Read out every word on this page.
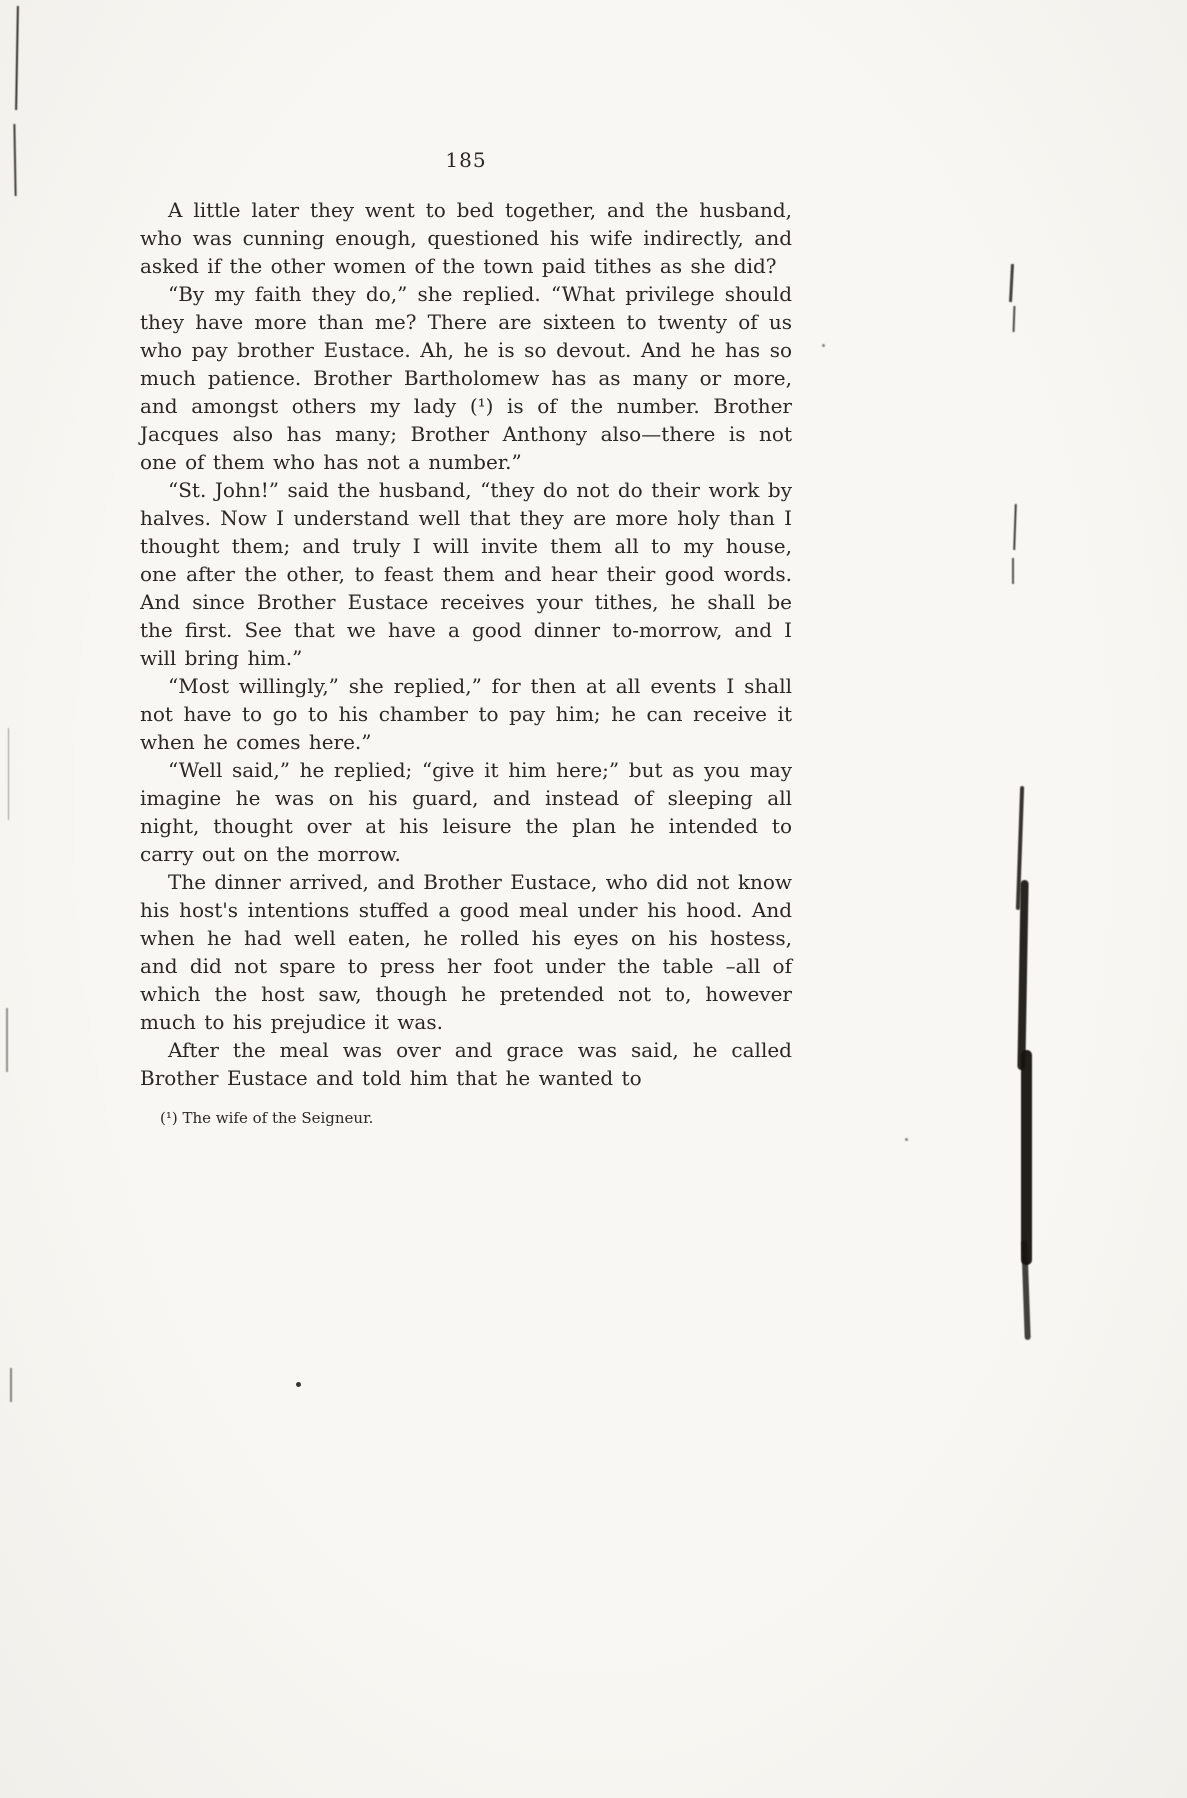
185

A little later they went to bed together, and the husband, who was cunning enough, questioned his wife indirectly, and asked if the other women of the town paid tithes as she did?

“By my faith they do,” she replied. “What privilege should they have more than me? There are sixteen to twenty of us who pay brother Eustace. Ah, he is so devout. And he has so much patience. Brother Bartholomew has as many or more, and amongst others my lady (¹) is of the number. Brother Jacques also has many; Brother Anthony also—there is not one of them who has not a number.”

“St. John!” said the husband, “they do not do their work by halves. Now I understand well that they are more holy than I thought them; and truly I will invite them all to my house, one after the other, to feast them and hear their good words. And since Brother Eustace receives your tithes, he shall be the first. See that we have a good dinner to-morrow, and I will bring him.”

“Most willingly,” she replied,” for then at all events I shall not have to go to his chamber to pay him; he can receive it when he comes here.”

“Well said,” he replied; “give it him here;” but as you may imagine he was on his guard, and instead of sleeping all night, thought over at his leisure the plan he intended to carry out on the morrow.

The dinner arrived, and Brother Eustace, who did not know his host's intentions stuffed a good meal under his hood. And when he had well eaten, he rolled his eyes on his hostess, and did not spare to press her foot under the table –all of which the host saw, though he pretended not to, however much to his prejudice it was.

After the meal was over and grace was said, he called Brother Eustace and told him that he wanted to

(¹) The wife of the Seigneur.
